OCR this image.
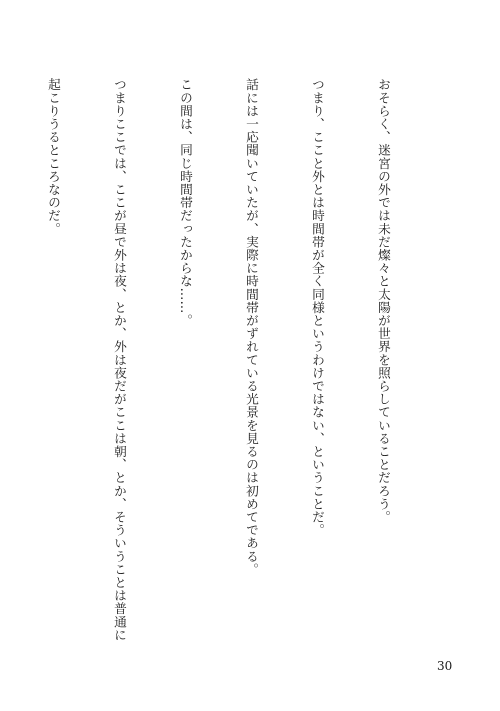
おそらく、迷宮の外では未だ燦々と太陽が世界を照らしていることだろう。

つまり、ここと外とは時間帯が全く同様というわけではない、ということだ。

話には一応聞いていたが、実際に時間帯がずれている光景を見るのは初めてである。

この間は、同じ時間帯だったからな……。

つまりここでは、ここが昼で外は夜、とか、外は夜だがここは朝、とか、そういうことは普通に

起こりうるところなのだ。

30
